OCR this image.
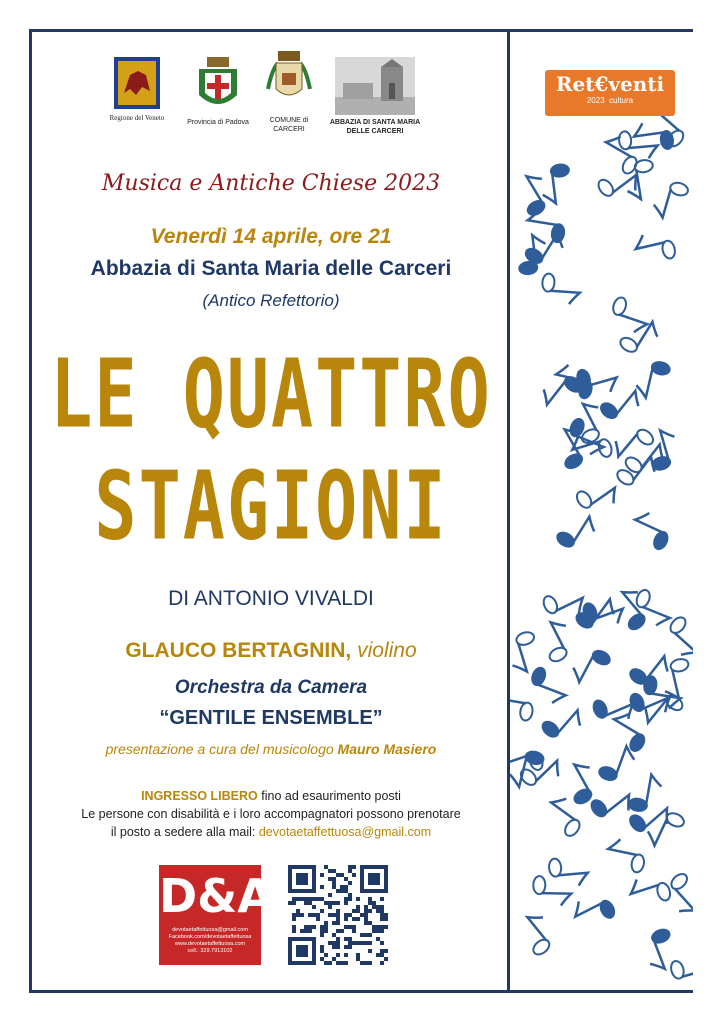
Regione del Veneto
Provincia di Padova	COMUNE di
CARCERI
ABBAZIA DI SANTA MARIA
DELLE CARCERI
Musica e Antiche Chiese 2023
Venerdì 14 aprile, ore 21
Abbazia di Santa Maria delle Carceri
(Antico Refettorio)
LE QUATTRO
STAGIONI
DI ANTONIO VIVALDI
GLAUCO BERTAGNIN, violino
Orchestra da Camera
“GENTILE ENSEMBLE”
presentazione a cura del musicologo Mauro Masiero
INGRESSO LIBERO fino ad esaurimento posti
Le persone con disabilità e i loro accompagnatori possono prenotare
il posto a sedere alla mail: devotaetaffettuosa@gmail.com
D&A
devotaetaffettuosa@gmail.com
Facebook.com/devotaetaffettuosa
www.devotaetaffettuosa.com
cell.: 329.7913102
Ret€venti
2023 cultura
